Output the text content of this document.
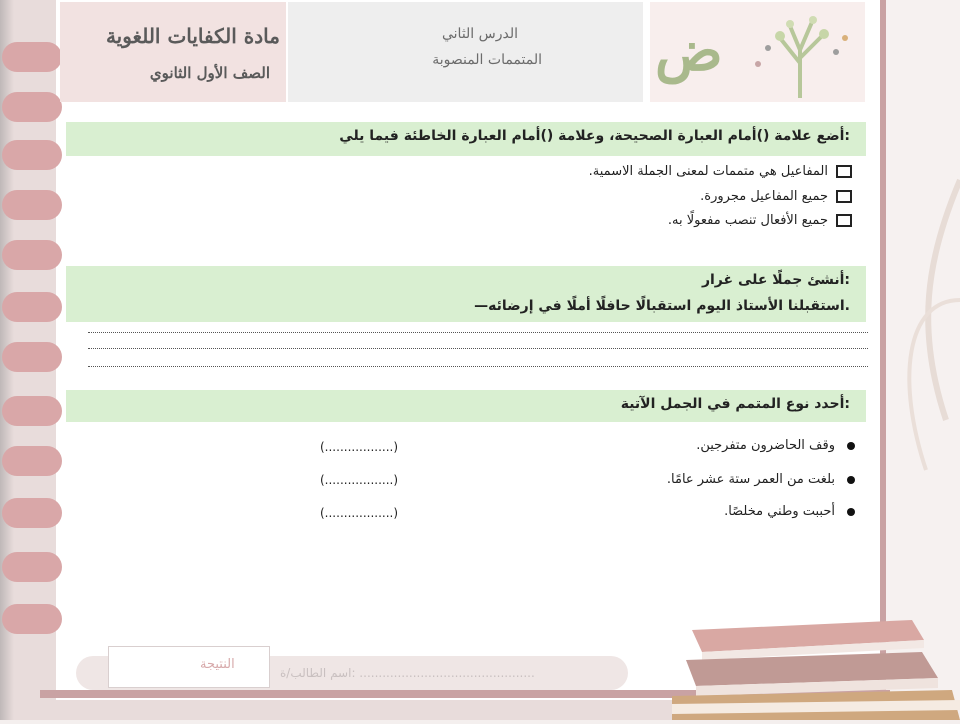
مادة الكفايات اللغوية
الصف الأول الثانوي
الدرس الثاني
المتممات المنصوبة ض
:أضع علامة ()أمام العبارة الصحيحة، وعلامة ()أمام العبارة الخاطئة فيما يلي
المفاعيل هي متممات لمعنى الجملة الاسمية.
جميع المفاعيل مجرورة.
جميع الأفعال تنصب مفعولًا به.
:أنشئ جملًا على غرار
.استقبلنا الأستاذ اليوم استقبالًا حافلًا أملًا في إرضائه—
:أحدد نوع المتمم في الجمل الآتية
وقف الحاضرون متفرجين.
(..................)
بلغت من العمر ستة عشر عامًا.
(..................)
أحببت وطني مخلصًا.
(..................)
النتيجة
اسم الطالب/ة: ..............................................
